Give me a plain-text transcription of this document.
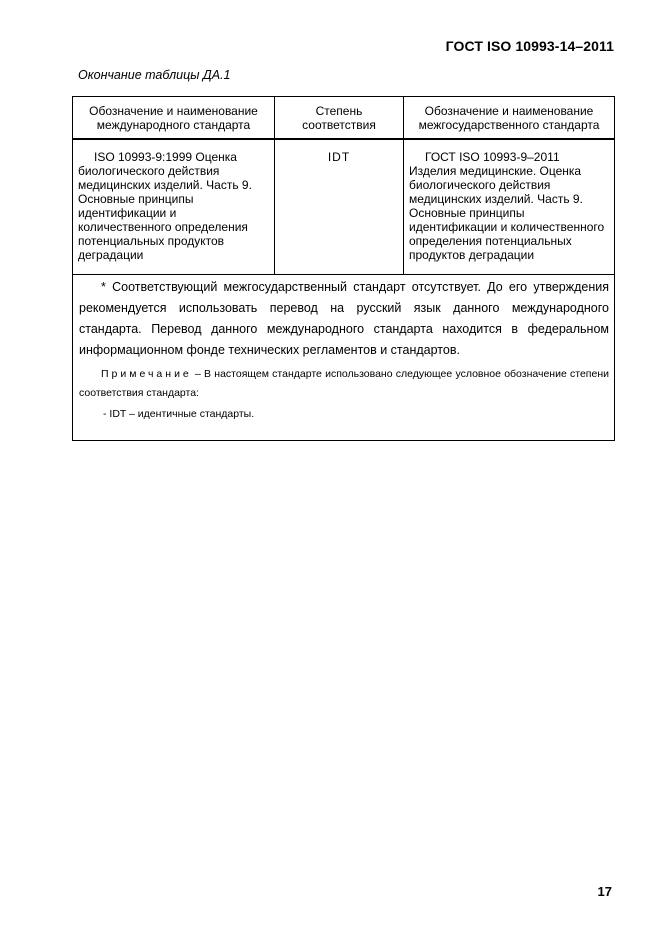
ГОСТ ISO 10993-14–2011
Окончание таблицы ДА.1
Обозначение и наименование международного стандарта	Степень соответствия	Обозначение и наименование межгосударственного стандарта

ISO 10993-9:1999 Оценка биологического действия медицинских изделий. Часть 9. Основные принципы идентификации и количественного определения потенциальных продуктов деградации	IDT	ГОСТ ISO 10993-9–2011 Изделия медицинские. Оценка биологического действия медицинских изделий. Часть 9. Основные принципы идентификации и количественного определения потенциальных продуктов деградации

* Соответствующий межгосударственный стандарт отсутствует. До его утверждения рекомендуется использовать перевод на русский язык данного международного стандарта. Перевод данного международного стандарта находится в федеральном информационном фонде технических регламентов и стандартов.

Примечание – В настоящем стандарте использовано следующее условное обозначение степени соответствия стандарта:

- IDT – идентичные стандарты.		

17
